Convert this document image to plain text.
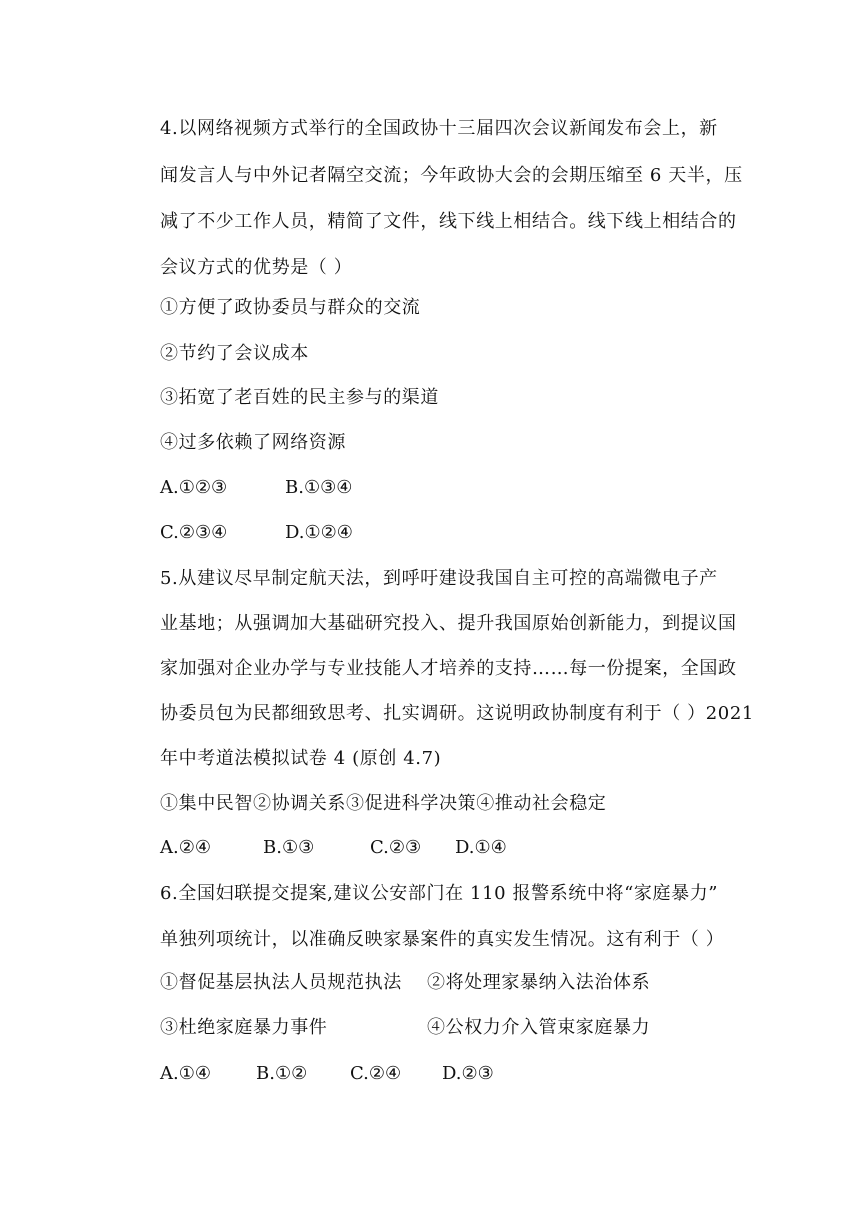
4.以网络视频方式举行的全国政协十三届四次会议新闻发布会上，新
闻发言人与中外记者隔空交流；今年政协大会的会期压缩至 6 天半，压
减了不少工作人员，精简了文件，线下线上相结合。线下线上相结合的
会议方式的优势是（ ）
①方便了政协委员与群众的交流
②节约了会议成本
③拓宽了老百姓的民主参与的渠道
④过多依赖了网络资源
A.①②③	B.①③④
C.②③④	D.①②④
5.从建议尽早制定航天法，到呼吁建设我国自主可控的高端微电子产
业基地；从强调加大基础研究投入、提升我国原始创新能力，到提议国
家加强对企业办学与专业技能人才培养的支持……每一份提案，全国政
协委员包为民都细致思考、扎实调研。这说明政协制度有利于（ ）2021
年中考道法模拟试卷 4 (原创 4.7)
①集中民智②协调关系③促进科学决策④推动社会稳定
A.②④	B.①③	C.②③ D.①④
6.全国妇联提交提案,建议公安部门在 110 报警系统中将“家庭暴力”
单独列项统计，以准确反映家暴案件的真实发生情况。这有利于（ ）
①督促基层执法人员规范执法 ②将处理家暴纳入法治体系
③杜绝家庭暴力事件	④公权力介入管束家庭暴力
A.①④	B.①② C.②④ D.②③
